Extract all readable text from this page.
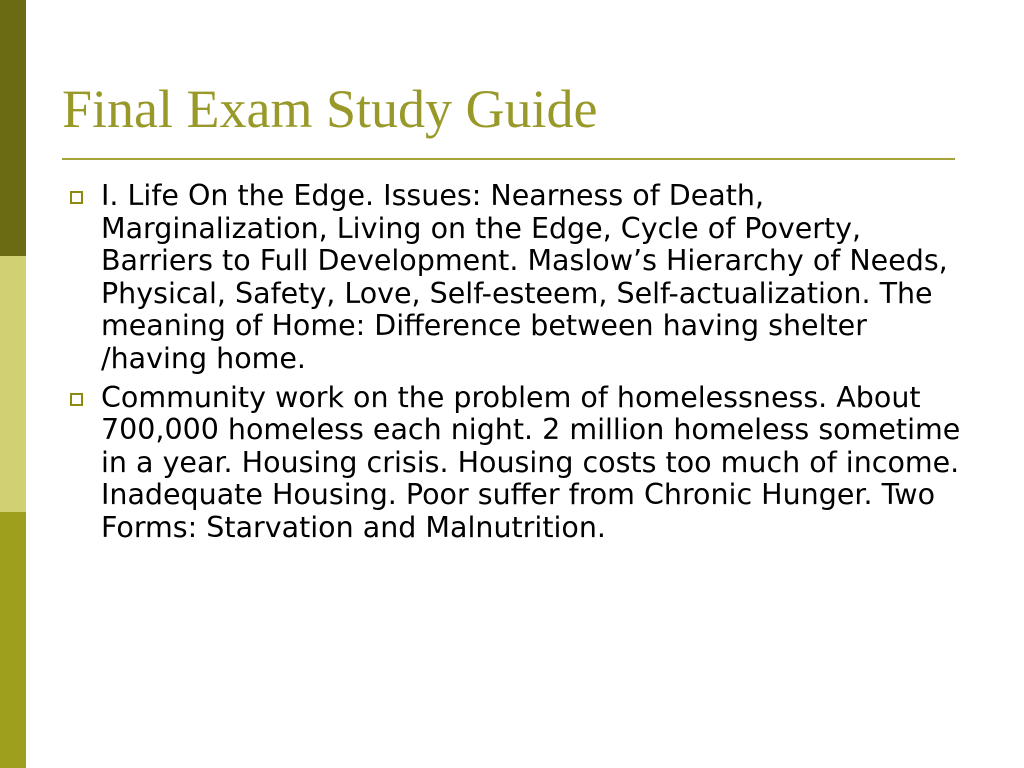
Final Exam Study Guide
I. Life On the Edge. Issues: Nearness of Death, Marginalization, Living on the Edge, Cycle of Poverty, Barriers to Full Development. Maslow’s Hierarchy of Needs, Physical, Safety, Love, Self-esteem, Self-actualization. The meaning of Home: Difference between having shelter /having home.
Community work on the problem of homelessness. About 700,000 homeless each night. 2 million homeless sometime in a year. Housing crisis. Housing costs too much of income. Inadequate Housing. Poor suffer from Chronic Hunger. Two Forms: Starvation and Malnutrition.
